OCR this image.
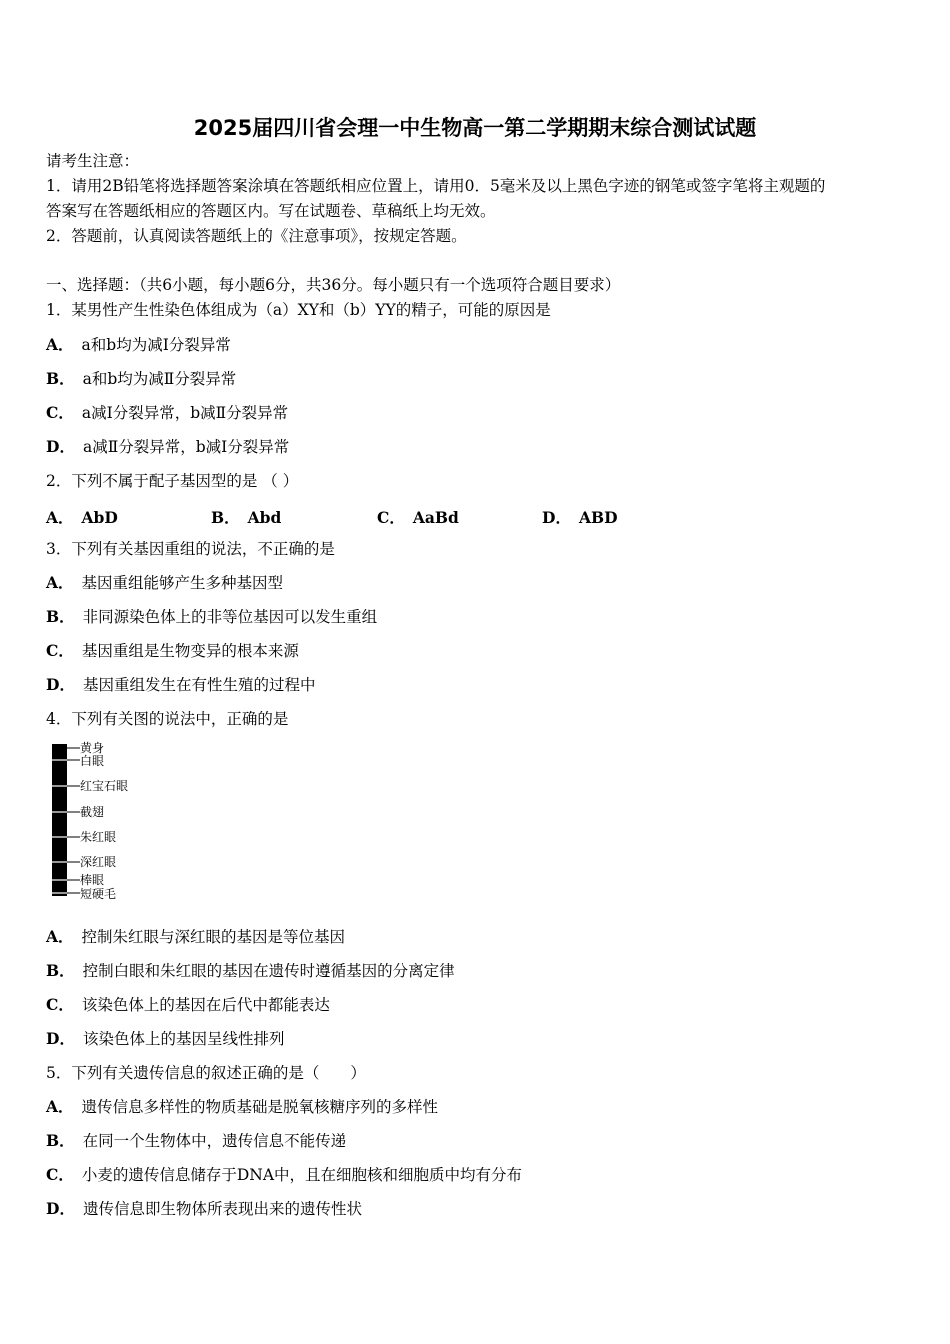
2025届四川省会理一中生物高一第二学期期末综合测试试题
请考生注意：
1．请用2B铅笔将选择题答案涂填在答题纸相应位置上，请用0．5毫米及以上黑色字迹的钢笔或签字笔将主观题的
答案写在答题纸相应的答题区内。写在试题卷、草稿纸上均无效。
2．答题前，认真阅读答题纸上的《注意事项》，按规定答题。
一、选择题：（共6小题，每小题6分，共36分。每小题只有一个选项符合题目要求）
1．某男性产生性染色体组成为（a）XY和（b）YY的精子，可能的原因是
A． a和b均为减Ⅰ分裂异常
B． a和b均为减Ⅱ分裂异常
C． a减Ⅰ分裂异常，b减Ⅱ分裂异常
D． a减Ⅱ分裂异常，b减Ⅰ分裂异常
2．下列不属于配子基因型的是 （ ）
A． AbD	B． Abd	C． AaBd	D． ABD
3．下列有关基因重组的说法，不正确的是
A． 基因重组能够产生多种基因型
B． 非同源染色体上的非等位基因可以发生重组
C． 基因重组是生物变异的根本来源
D． 基因重组发生在有性生殖的过程中
4．下列有关图的说法中，正确的是
黄身
白眼
红宝石眼
截翅
朱红眼
深红眼
棒眼
短硬毛
A． 控制朱红眼与深红眼的基因是等位基因
B． 控制白眼和朱红眼的基因在遗传时遵循基因的分离定律
C． 该染色体上的基因在后代中都能表达
D． 该染色体上的基因呈线性排列
5．下列有关遗传信息的叙述正确的是（　　）
A． 遗传信息多样性的物质基础是脱氧核糖序列的多样性
B． 在同一个生物体中，遗传信息不能传递
C． 小麦的遗传信息储存于DNA中，且在细胞核和细胞质中均有分布
D． 遗传信息即生物体所表现出来的遗传性状
